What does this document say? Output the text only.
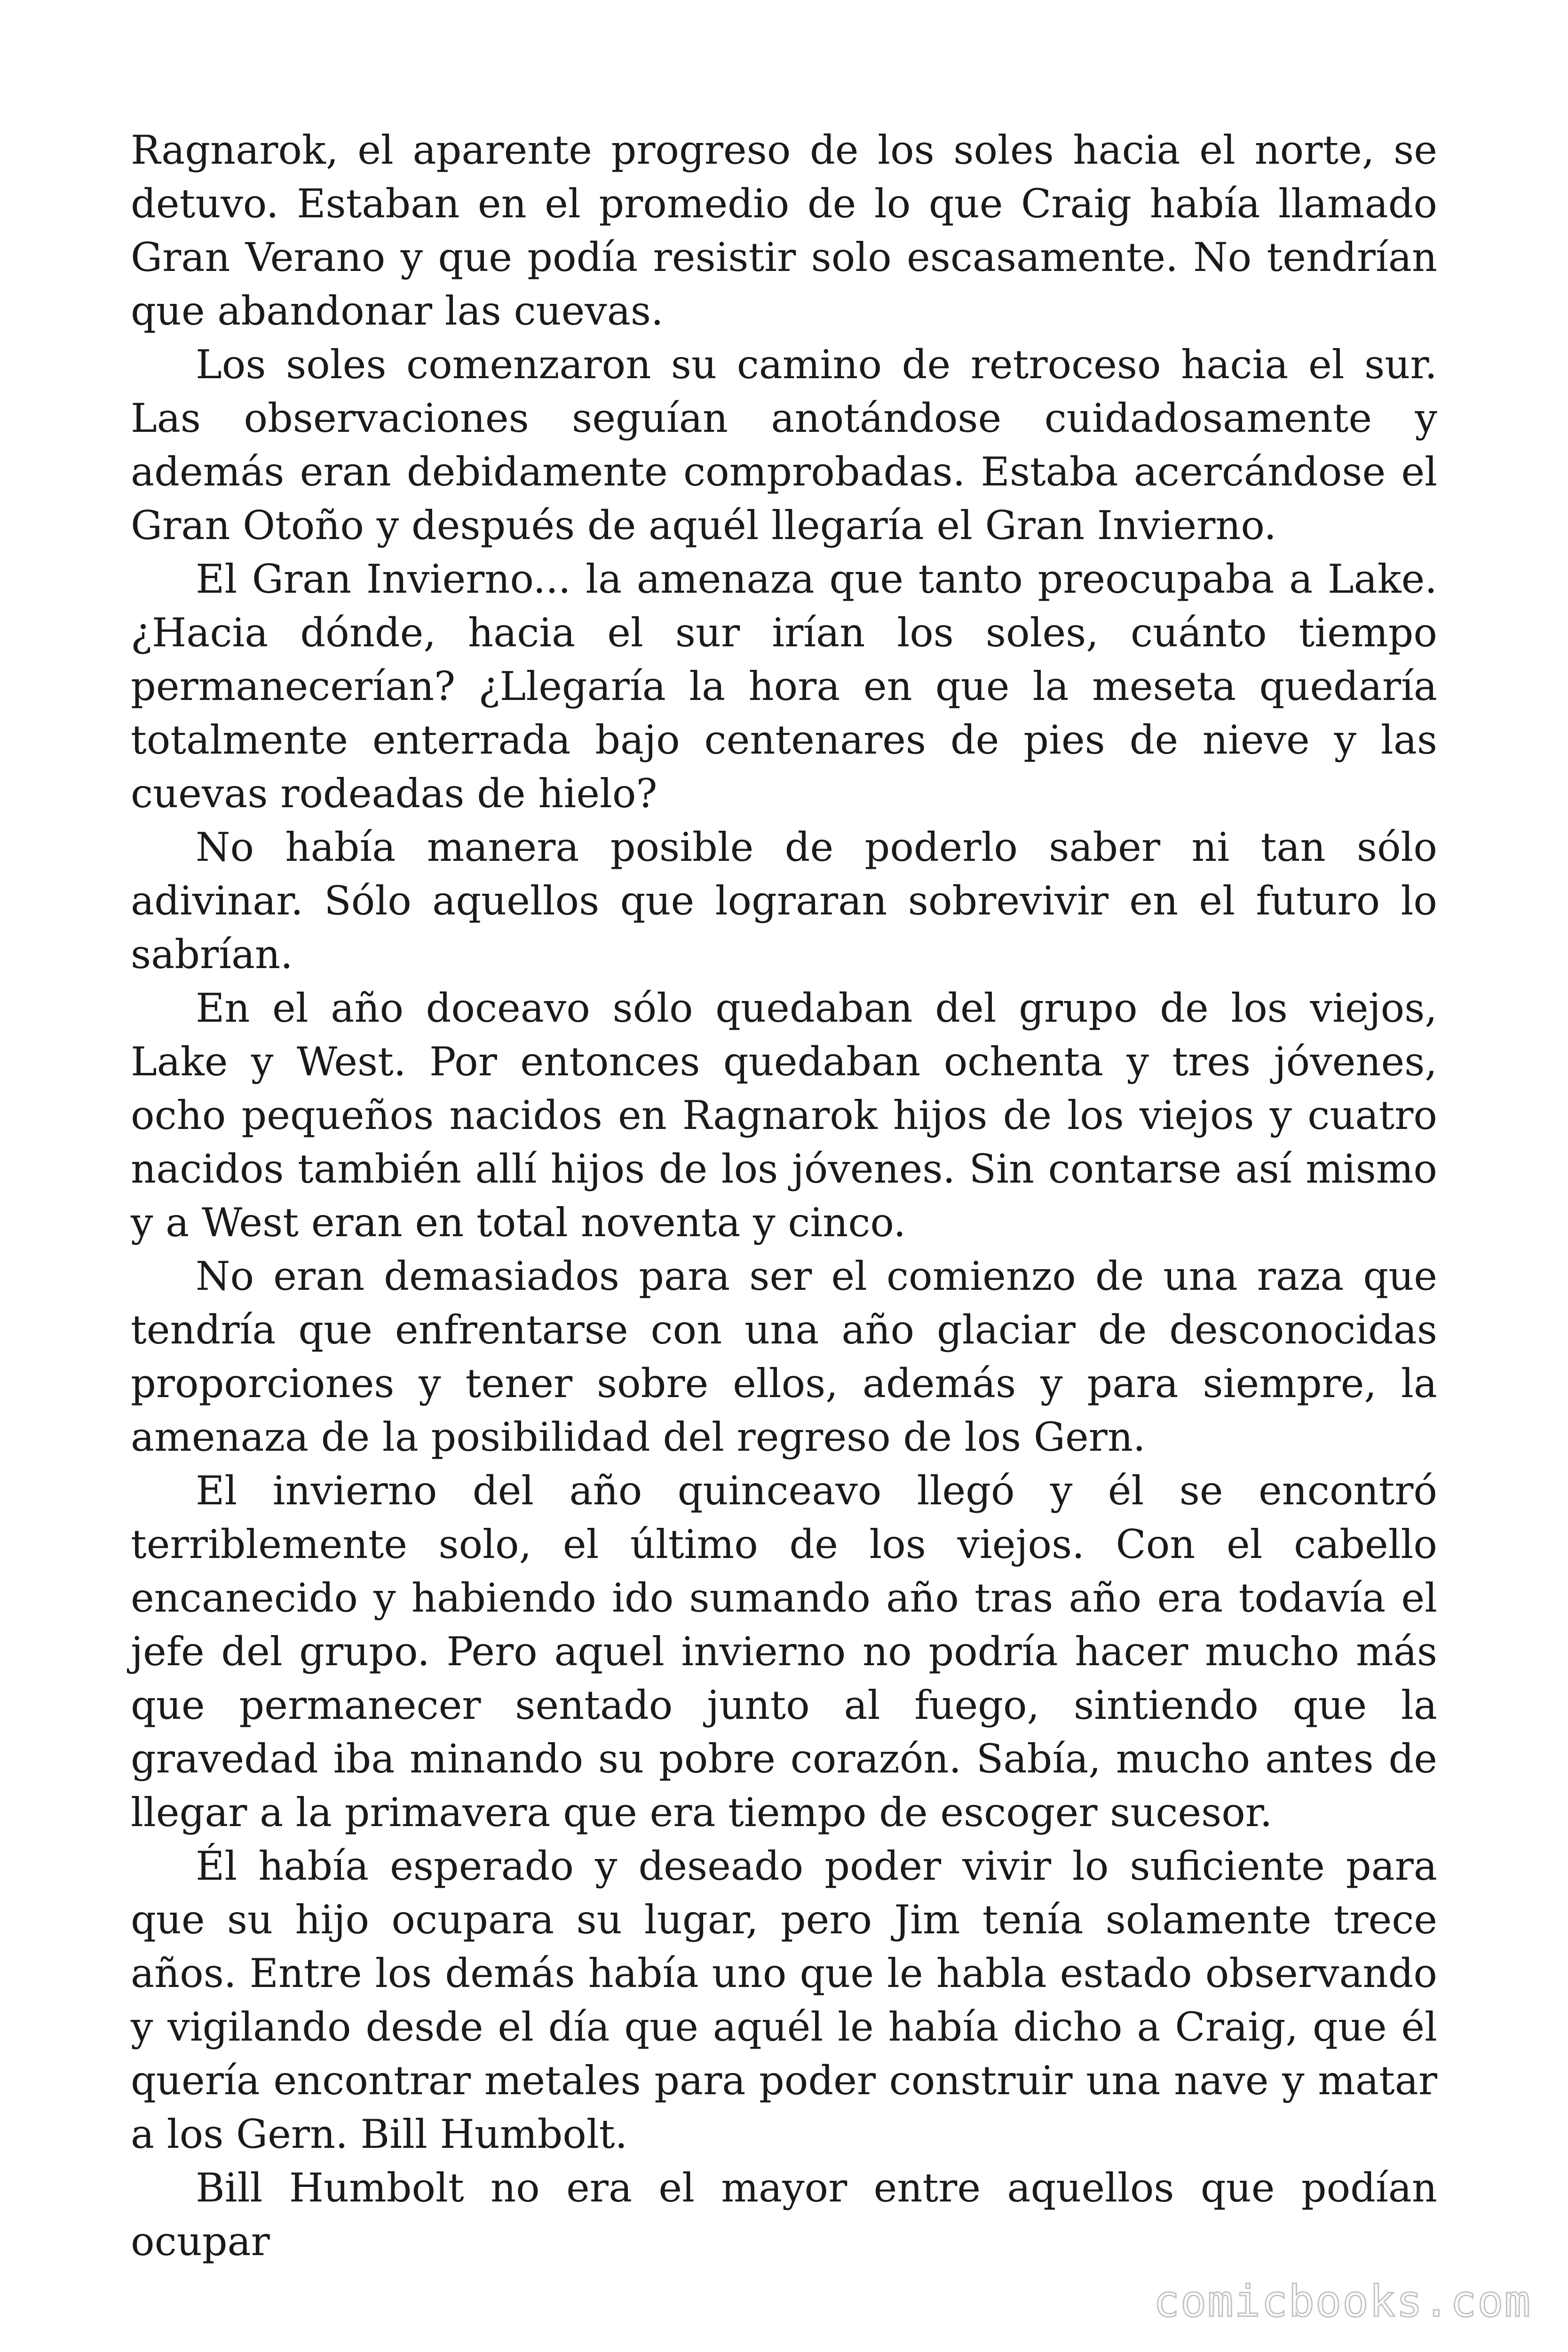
Ragnarok, el aparente progreso de los soles hacia el norte, se detuvo. Estaban en el promedio de lo que Craig había llamado Gran Verano y que podía resistir solo escasamente. No tendrían que abandonar las cuevas.

Los soles comenzaron su camino de retroceso hacia el sur. Las observaciones seguían anotándose cuidadosamente y además eran debidamente comprobadas. Estaba acercándose el Gran Otoño y después de aquél llegaría el Gran Invierno.

El Gran Invierno... la amenaza que tanto preocupaba a Lake. ¿Hacia dónde, hacia el sur irían los soles, cuánto tiempo permanecerían? ¿Llegaría la hora en que la meseta quedaría totalmente enterrada bajo centenares de pies de nieve y las cuevas rodeadas de hielo?

No había manera posible de poderlo saber ni tan sólo adivinar. Sólo aquellos que lograran sobrevivir en el futuro lo sabrían.

En el año doceavo sólo quedaban del grupo de los viejos, Lake y West. Por entonces quedaban ochenta y tres jóvenes, ocho pequeños nacidos en Ragnarok hijos de los viejos y cuatro nacidos también allí hijos de los jóvenes. Sin contarse así mismo y a West eran en total noventa y cinco.

No eran demasiados para ser el comienzo de una raza que tendría que enfrentarse con una año glaciar de desconocidas proporciones y tener sobre ellos, además y para siempre, la amenaza de la posibilidad del regreso de los Gern.

El invierno del año quinceavo llegó y él se encontró terriblemente solo, el último de los viejos. Con el cabello encanecido y habiendo ido sumando año tras año era todavía el jefe del grupo. Pero aquel invierno no podría hacer mucho más que permanecer sentado junto al fuego, sintiendo que la gravedad iba minando su pobre corazón. Sabía, mucho antes de llegar a la primavera que era tiempo de escoger sucesor.

Él había esperado y deseado poder vivir lo suficiente para que su hijo ocupara su lugar, pero Jim tenía solamente trece años. Entre los demás había uno que le habla estado observando y vigilando desde el día que aquél le había dicho a Craig, que él quería encontrar metales para poder construir una nave y matar a los Gern. Bill Humbolt.

Bill Humbolt no era el mayor entre aquellos que podían ocupar

comicbooks.com
